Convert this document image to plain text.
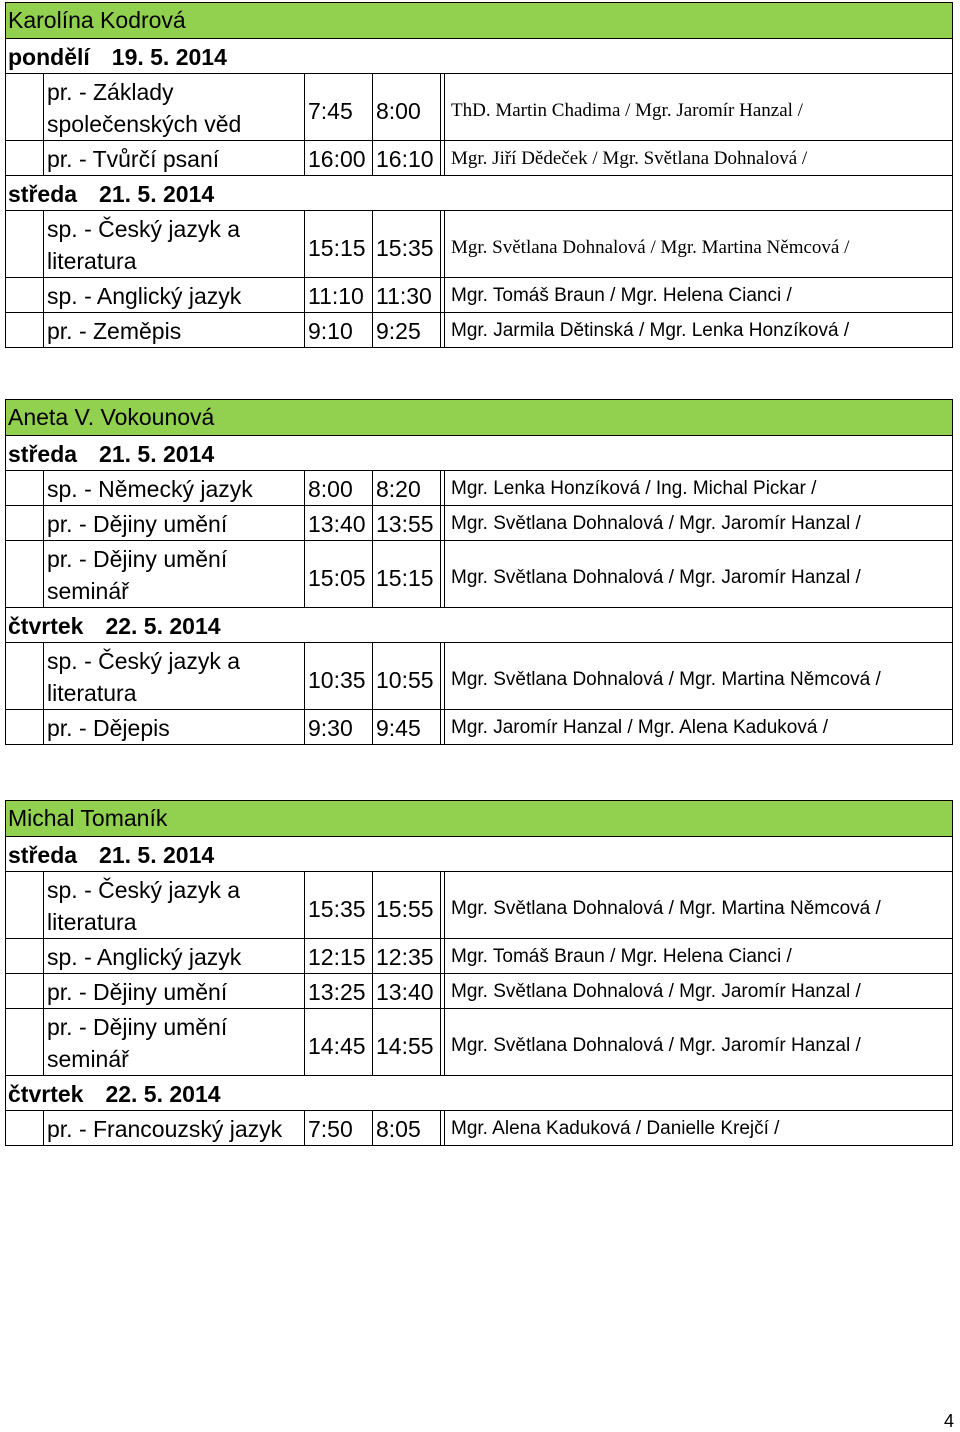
Karolína Kodrová
pondělí 19. 5. 2014
pr. - Základy
společenských věd	7:45	8:00	ThD. Martin Chadima / Mgr. Jaromír Hanzal /
pr. - Tvůrčí psaní	16:00 16:10 Mgr. Jiří Dědeček / Mgr. Světlana Dohnalová /
středa 21. 5. 2014
sp. - Český jazyk a
literatura	15:15 15:35 Mgr. Světlana Dohnalová / Mgr. Martina Němcová /
sp. - Anglický jazyk	11:10 11:30	Mgr. Tomáš Braun / Mgr. Helena Cianci /
pr. - Zeměpis	9:10	9:25	Mgr. Jarmila Dětinská / Mgr. Lenka Honzíková /
Aneta V. Vokounová
středa 21. 5. 2014
sp. - Německý jazyk	8:00	8:20	Mgr. Lenka Honzíková / Ing. Michal Pickar /
pr. - Dějiny umění	13:40 13:55 Mgr. Světlana Dohnalová / Mgr. Jaromír Hanzal /
pr. - Dějiny umění
seminář	15:05 15:15 Mgr. Světlana Dohnalová / Mgr. Jaromír Hanzal /
čtvrtek 22. 5. 2014
sp. - Český jazyk a
literatura	10:35 10:55 Mgr. Světlana Dohnalová / Mgr. Martina Němcová /
pr. - Dějepis	9:30	9:45	Mgr. Jaromír Hanzal / Mgr. Alena Kaduková /
Michal Tomaník
středa 21. 5. 2014
sp. - Český jazyk a
literatura	15:35 15:55 Mgr. Světlana Dohnalová / Mgr. Martina Němcová /
sp. - Anglický jazyk	12:15 12:35 Mgr. Tomáš Braun / Mgr. Helena Cianci /
pr. - Dějiny umění	13:25 13:40 Mgr. Světlana Dohnalová / Mgr. Jaromír Hanzal /
pr. - Dějiny umění
seminář	14:45 14:55 Mgr. Světlana Dohnalová / Mgr. Jaromír Hanzal /
čtvrtek 22. 5. 2014
pr. - Francouzský jazyk	7:50	8:05	Mgr. Alena Kaduková / Danielle Krejčí /
4
